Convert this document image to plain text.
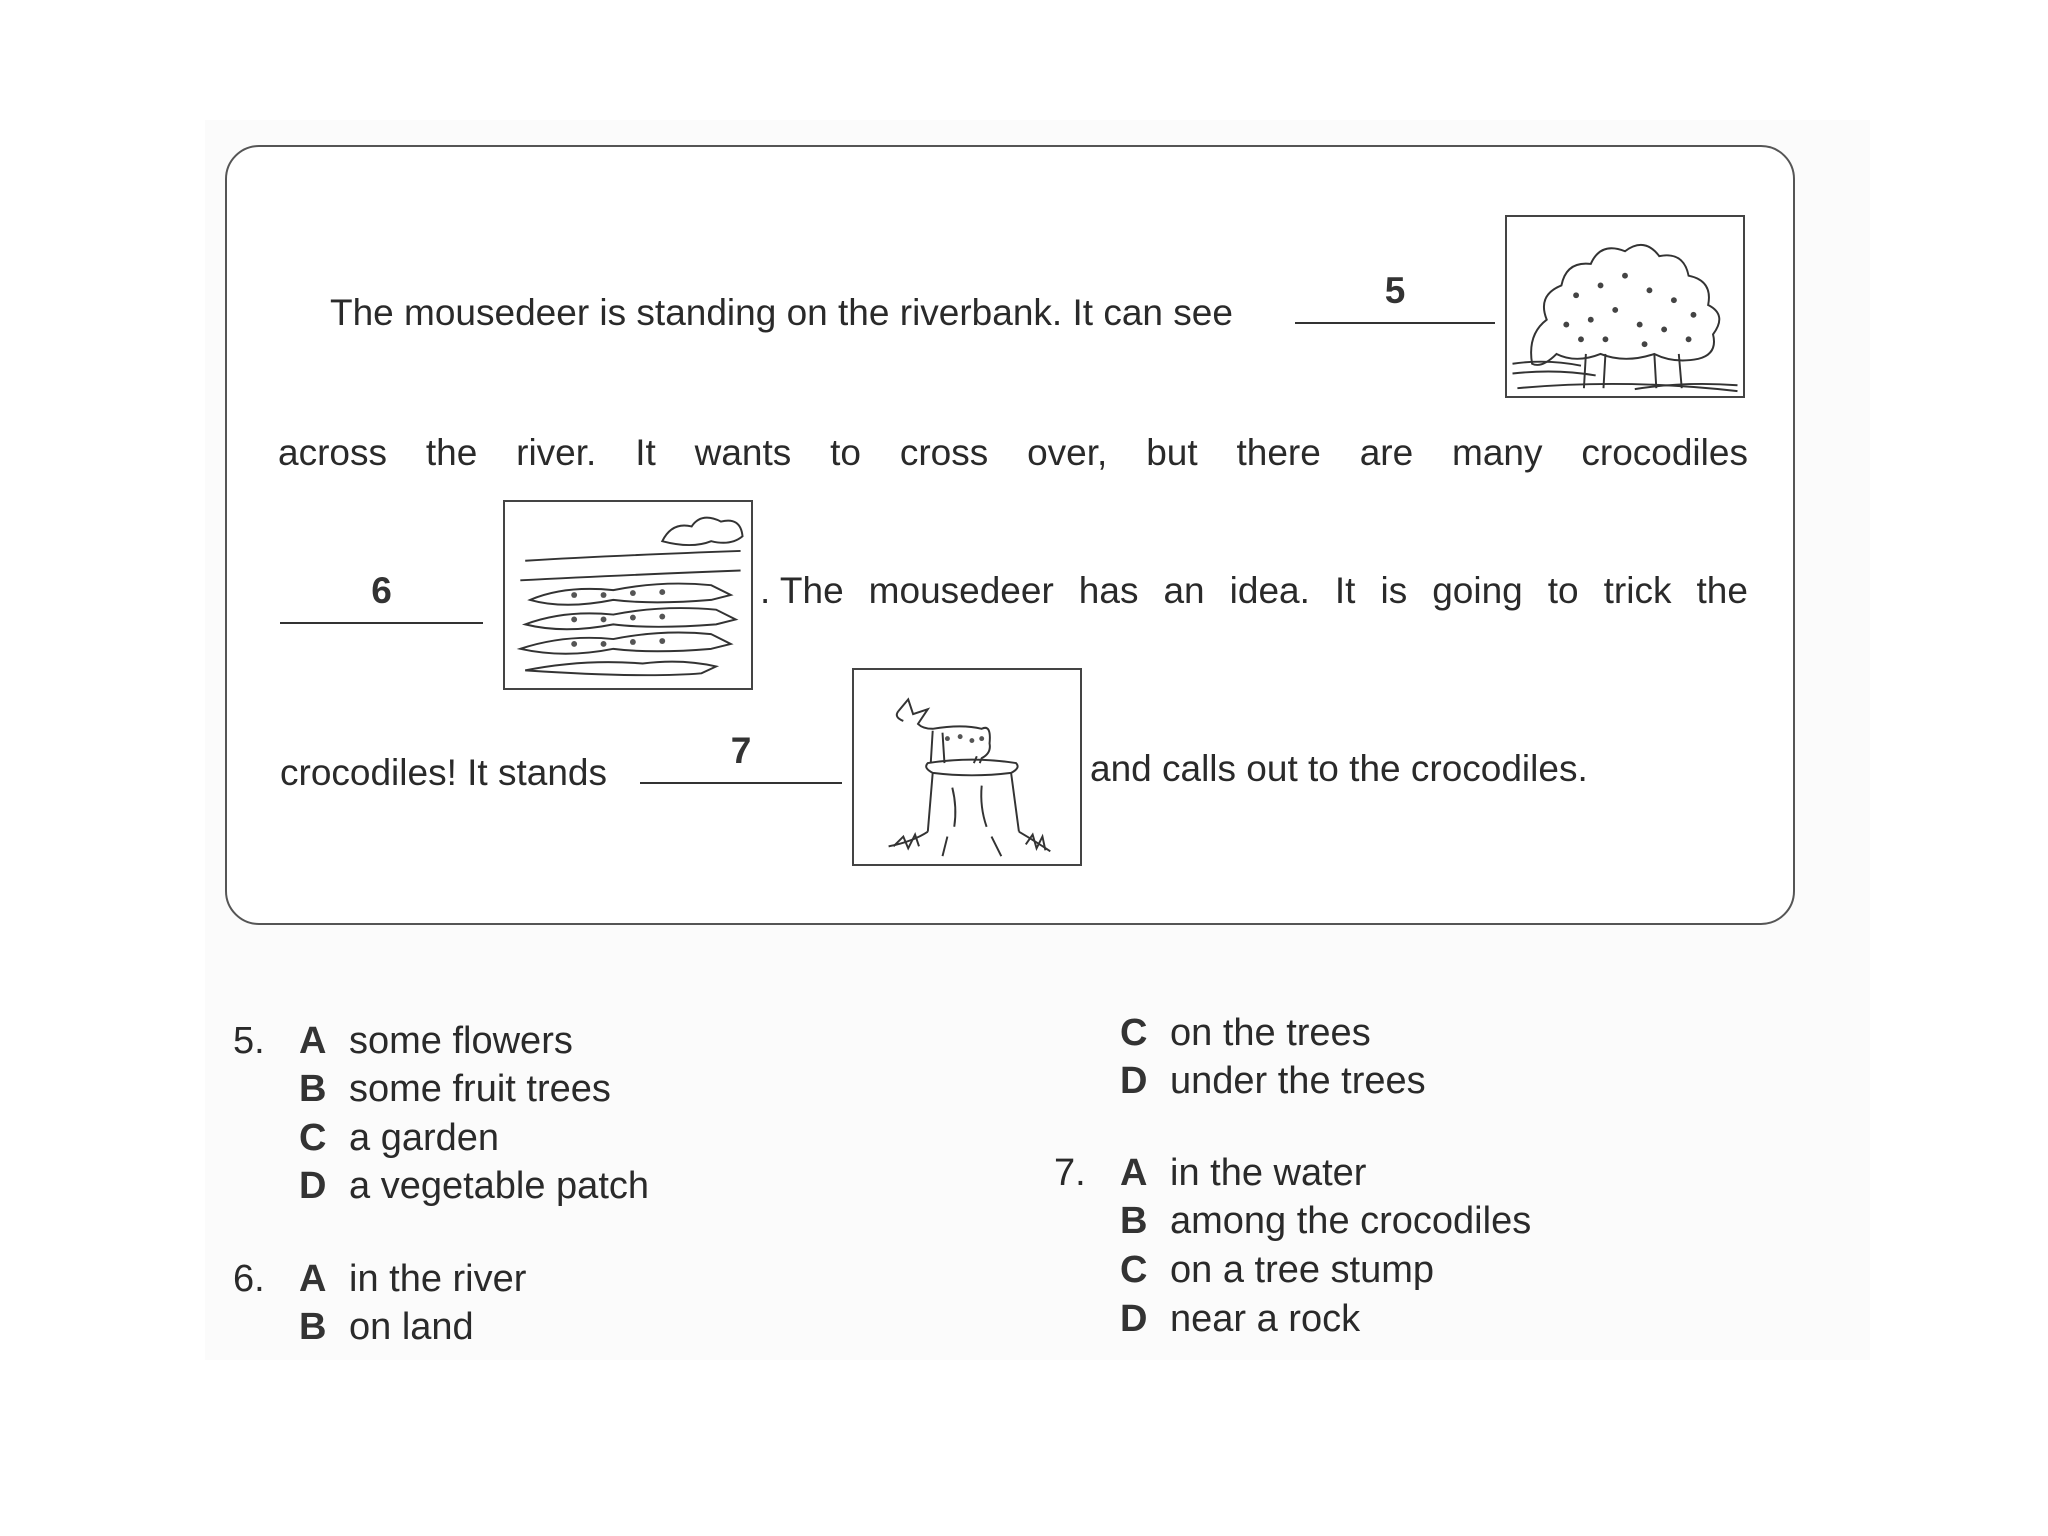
The mousedeer is standing on the riverbank. It can see
5
across the river. It wants to cross over, but there are many crocodiles
6	. The mousedeer has an idea. It is going to trick the
crocodiles! It stands
7	and calls out to the crocodiles.
5. A some flowers
B some fruit trees
C a garden
D a vegetable patch
6. A in the river
B on land
C on the trees
D under the trees
7. A in the water
B among the crocodiles
C on a tree stump
D near a rock
